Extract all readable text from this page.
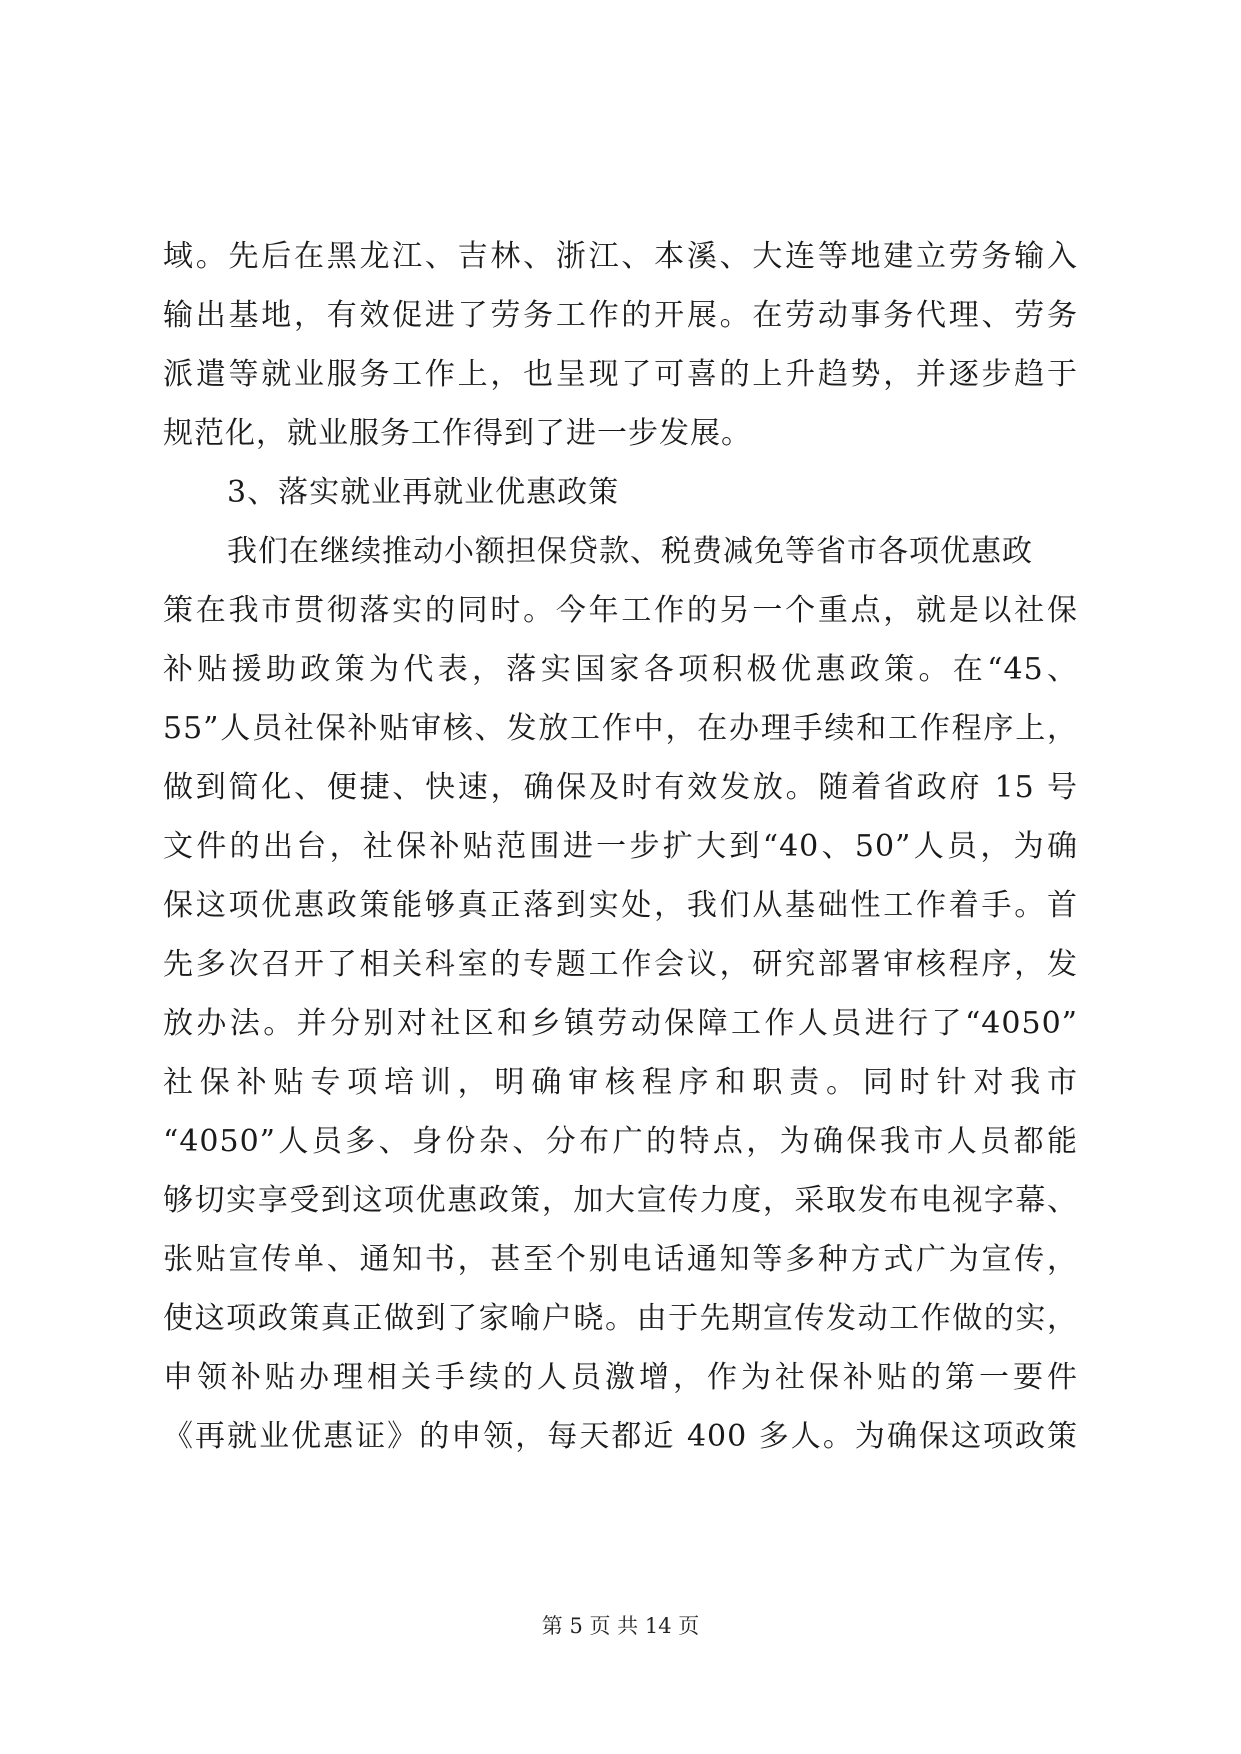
域。先后在黑龙江、吉林、浙江、本溪、大连等地建立劳务输入
输出基地，有效促进了劳务工作的开展。在劳动事务代理、劳务
派遣等就业服务工作上，也呈现了可喜的上升趋势，并逐步趋于
规范化，就业服务工作得到了进一步发展。
3、落实就业再就业优惠政策
我们在继续推动小额担保贷款、税费减免等省市各项优惠政
策在我市贯彻落实的同时。今年工作的另一个重点，就是以社保
补贴援助政策为代表，落实国家各项积极优惠政策。在“45、
55”人员社保补贴审核、发放工作中，在办理手续和工作程序上，
做到简化、便捷、快速，确保及时有效发放。随着省政府 15 号
文件的出台，社保补贴范围进一步扩大到“40、50”人员，为确
保这项优惠政策能够真正落到实处，我们从基础性工作着手。首
先多次召开了相关科室的专题工作会议，研究部署审核程序，发
放办法。并分别对社区和乡镇劳动保障工作人员进行了“4050”
社保补贴专项培训，明确审核程序和职责。同时针对我市
“4050”人员多、身份杂、分布广的特点，为确保我市人员都能
够切实享受到这项优惠政策，加大宣传力度，采取发布电视字幕、
张贴宣传单、通知书，甚至个别电话通知等多种方式广为宣传，
使这项政策真正做到了家喻户晓。由于先期宣传发动工作做的实，
申领补贴办理相关手续的人员激增，作为社保补贴的第一要件
《再就业优惠证》的申领，每天都近 400 多人。为确保这项政策
第 5 页 共 14 页
